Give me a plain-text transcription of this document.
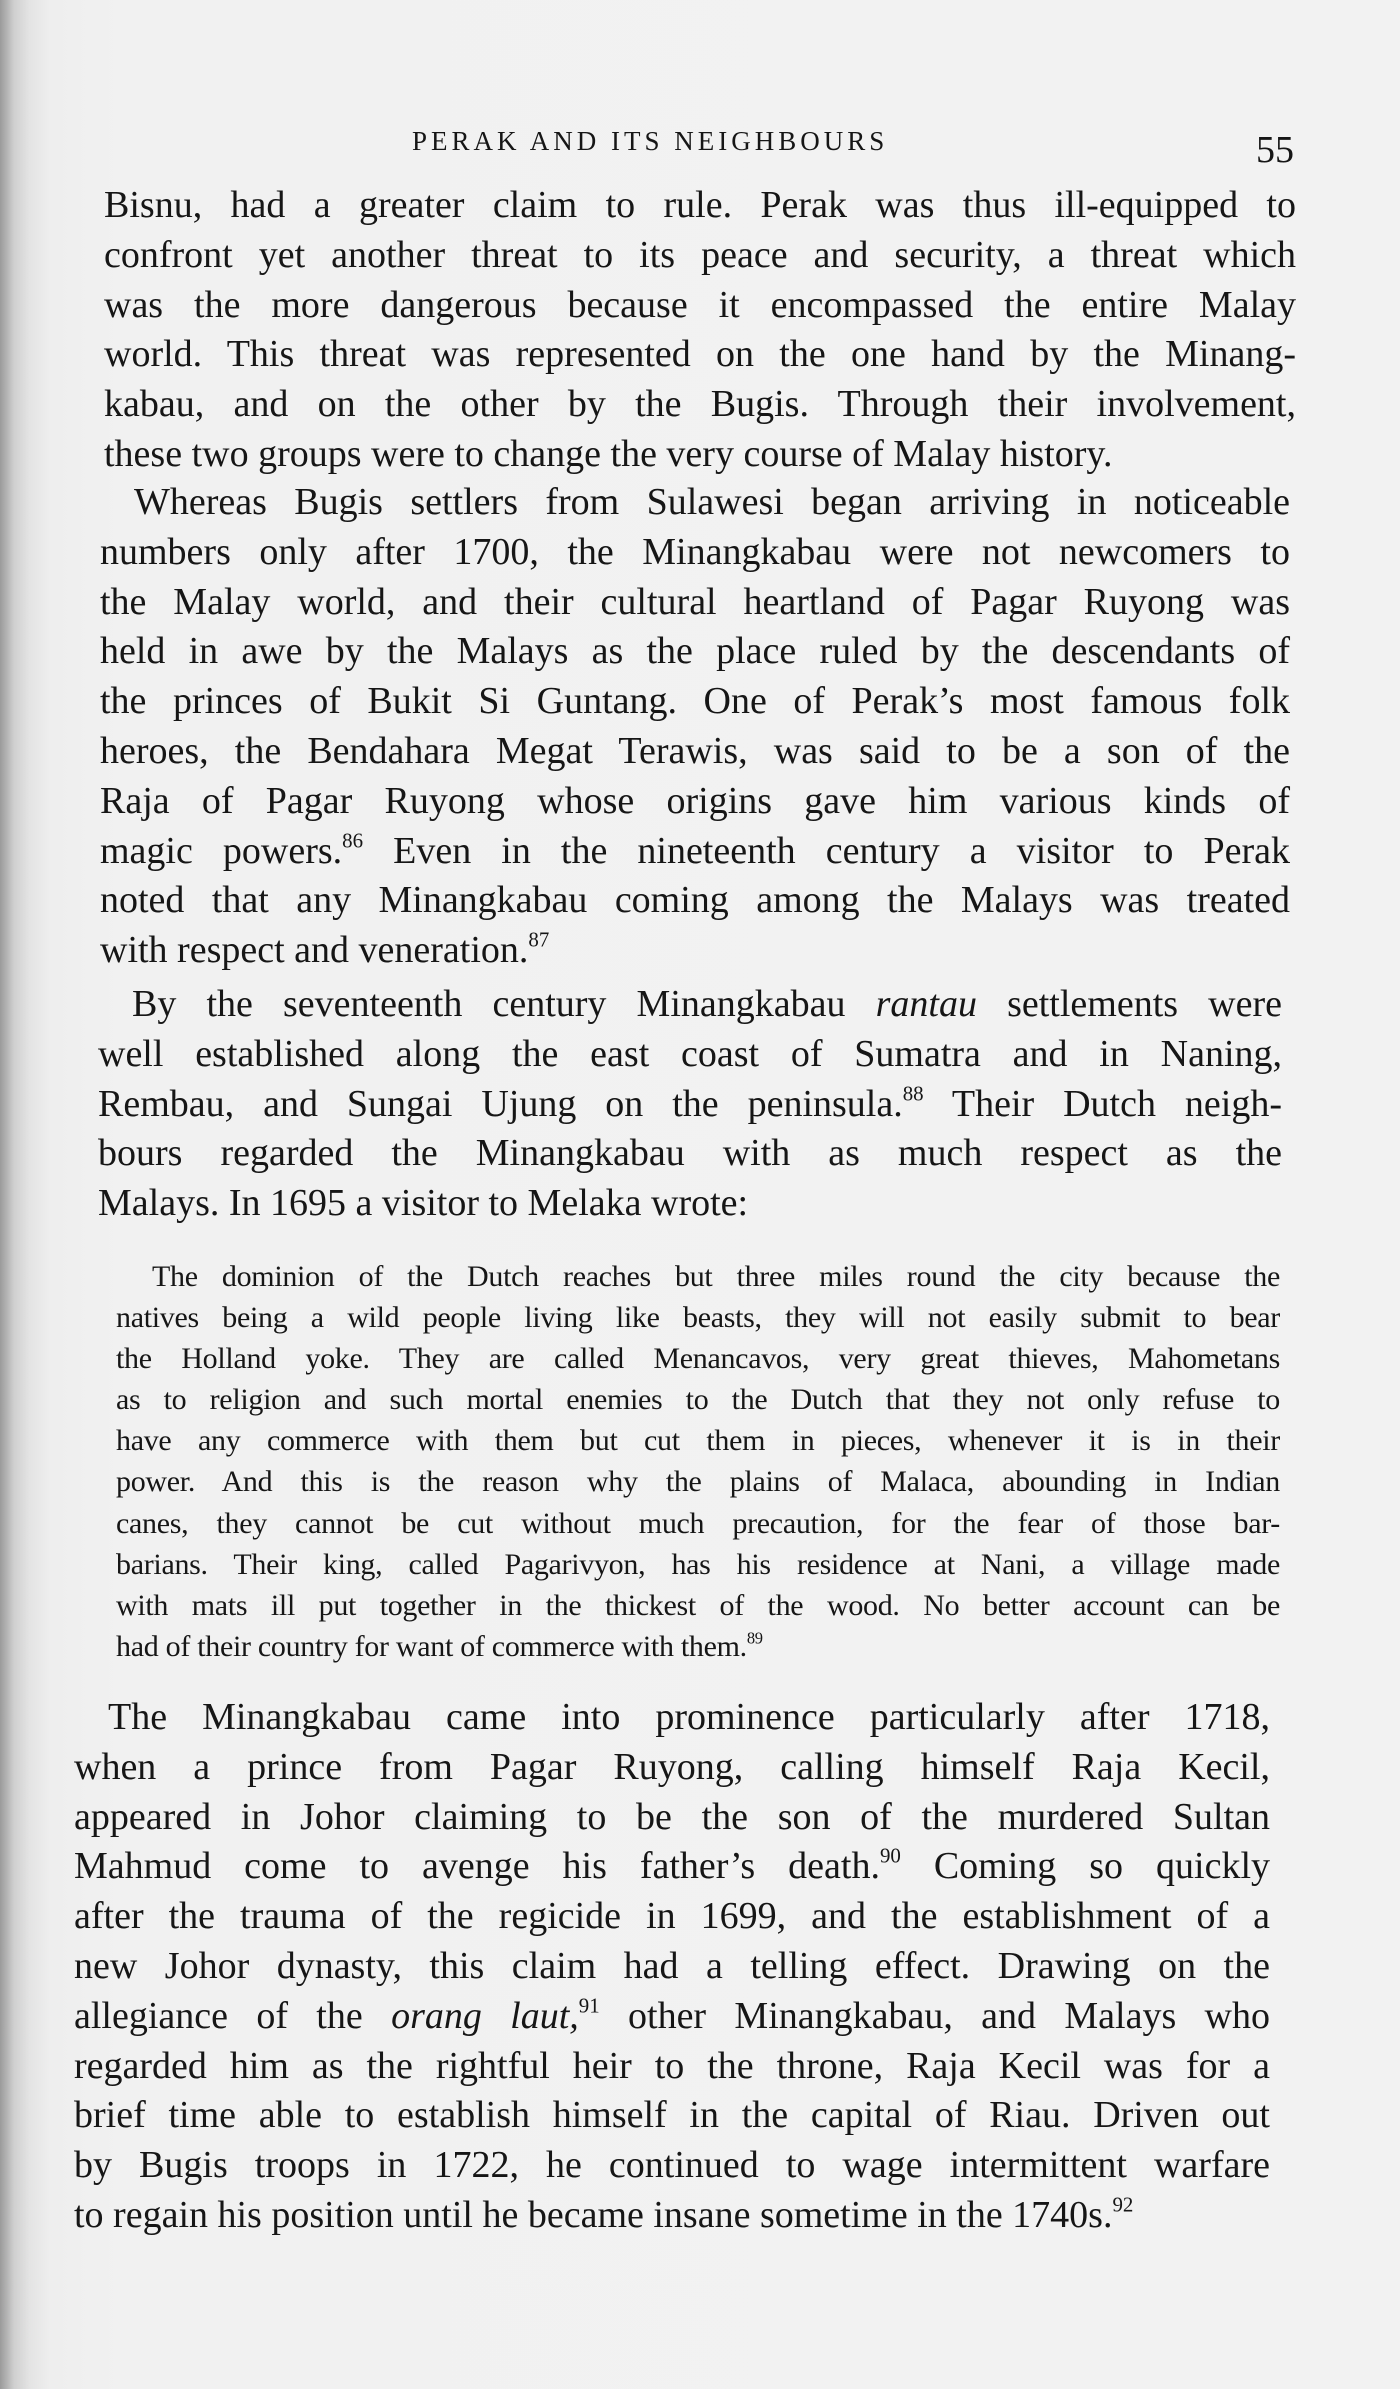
PERAK AND ITS NEIGHBOURS	55
Bisnu, had a greater claim to rule. Perak was thus ill-equipped to
confront yet another threat to its peace and security, a threat which
was the more dangerous because it encompassed the entire Malay
world. This threat was represented on the one hand by the Minang-
kabau, and on the other by the Bugis. Through their involvement,
these two groups were to change the very course of Malay history.
Whereas Bugis settlers from Sulawesi began arriving in noticeable
numbers only after 1700, the Minangkabau were not newcomers to
the Malay world, and their cultural heartland of Pagar Ruyong was
held in awe by the Malays as the place ruled by the descendants of
the princes of Bukit Si Guntang. One of Perak’s most famous folk
heroes, the Bendahara Megat Terawis, was said to be a son of the
Raja of Pagar Ruyong whose origins gave him various kinds of
magic powers.$^{86}$ Even in the nineteenth century a visitor to Perak
noted that any Minangkabau coming among the Malays was treated
with respect and veneration.$^{87}$
By the seventeenth century Minangkabau rantau settlements were
well established along the east coast of Sumatra and in Naning,
Rembau, and Sungai Ujung on the peninsula.$^{88}$ Their Dutch neigh-
bours regarded the Minangkabau with as much respect as the
Malays. In 1695 a visitor to Melaka wrote:
The dominion of the Dutch reaches but three miles round the city because the
natives being a wild people living like beasts, they will not easily submit to bear
the Holland yoke. They are called Menancavos, very great thieves, Mahometans
as to religion and such mortal enemies to the Dutch that they not only refuse to
have any commerce with them but cut them in pieces, whenever it is in their
power. And this is the reason why the plains of Malaca, abounding in Indian
canes, they cannot be cut without much precaution, for the fear of those bar-
barians. Their king, called Pagarivyon, has his residence at Nani, a village made
with mats ill put together in the thickest of the wood. No better account can be
had of their country for want of commerce with them.$^{89}$
The Minangkabau came into prominence particularly after 1718,
when a prince from Pagar Ruyong, calling himself Raja Kecil,
appeared in Johor claiming to be the son of the murdered Sultan
Mahmud come to avenge his father’s death.$^{90}$ Coming so quickly
after the trauma of the regicide in 1699, and the establishment of a
new Johor dynasty, this claim had a telling effect. Drawing on the
allegiance of the orang laut,$^{91}$ other Minangkabau, and Malays who
regarded him as the rightful heir to the throne, Raja Kecil was for a
brief time able to establish himself in the capital of Riau. Driven out
by Bugis troops in 1722, he continued to wage intermittent warfare
to regain his position until he became insane sometime in the 1740s.$^{92}$
